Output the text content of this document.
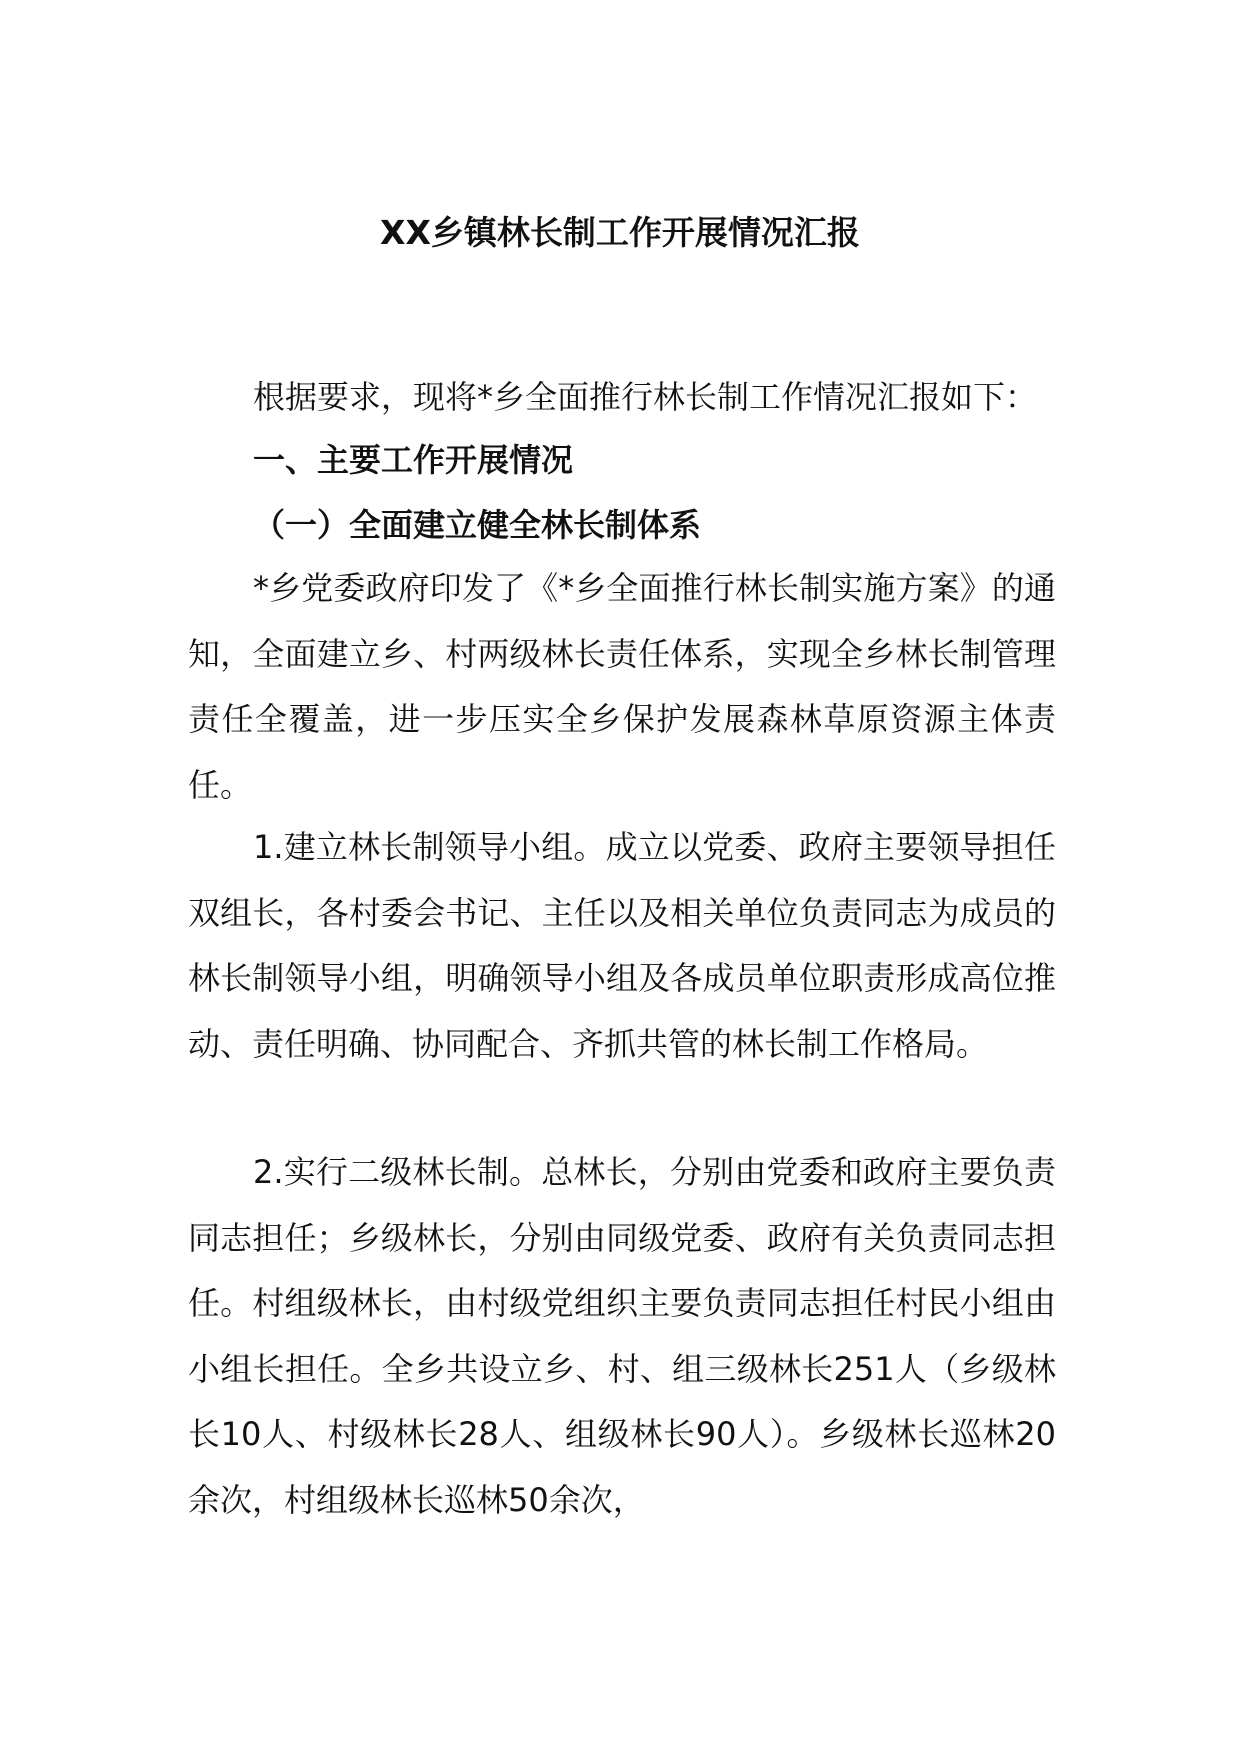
XX乡镇林长制工作开展情况汇报
根据要求，现将*乡全面推行林长制工作情况汇报如下：
一、主要工作开展情况
（一）全面建立健全林长制体系
*乡党委政府印发了《*乡全面推行林长制实施方案》的通知，全面建立乡、村两级林长责任体系，实现全乡林长制管理责任全覆盖，进一步压实全乡保护发展森林草原资源主体责任。
1.建立林长制领导小组。成立以党委、政府主要领导担任双组长，各村委会书记、主任以及相关单位负责同志为成员的林长制领导小组，明确领导小组及各成员单位职责形成高位推动、责任明确、协同配合、齐抓共管的林长制工作格局。
2.实行二级林长制。总林长，分别由党委和政府主要负责同志担任；乡级林长，分别由同级党委、政府有关负责同志担任。村组级林长，由村级党组织主要负责同志担任村民小组由小组长担任。全乡共设立乡、村、组三级林长251人（乡级林长10人、村级林长28人、组级林长90人）。乡级林长巡林20余次，村组级林长巡林50余次，
